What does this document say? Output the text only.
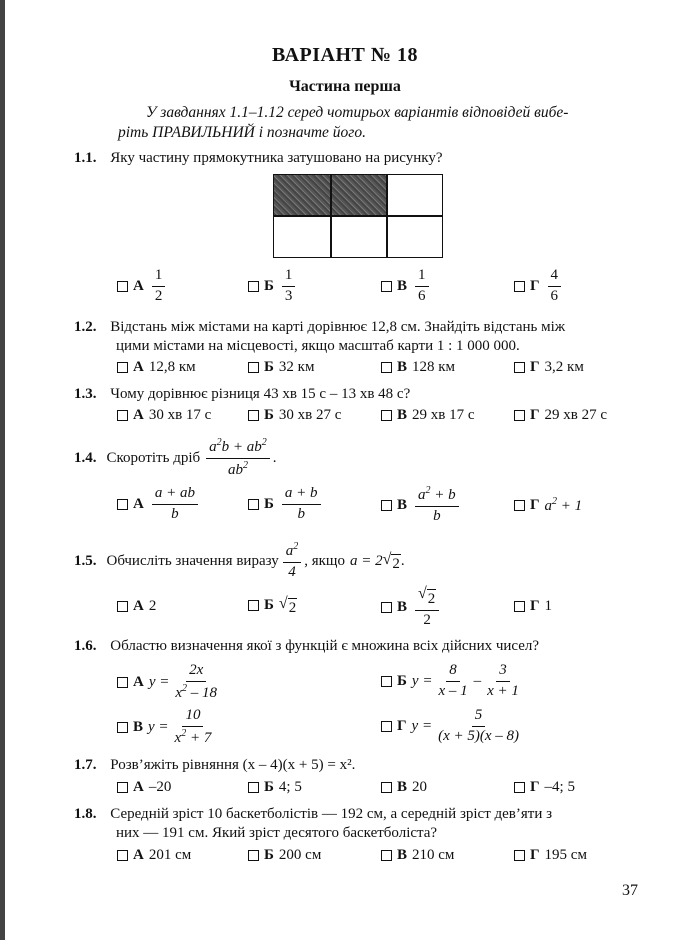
ВАРІАНТ № 18
Частина перша
У завданнях 1.1–1.12 серед чотирьох варіантів відповідей вибе-
ріть ПРАВИЛЬНИЙ і позначте його.
1.1. Яку частину прямокутника затушовано на рисунку?
А $\frac{1}{2}$	Б $\frac{1}{3}$	В $\frac{1}{6}$	Г $\frac{4}{6}$
1.2. Відстань між містами на карті дорівнює 12,8 см. Знайдіть відстань між
цими містами на місцевості, якщо масштаб карти 1 : 1 000 000.
А 12,8 км	Б 32 км	В 128 км	Г 3,2 км
1.3. Чому дорівнює різниця 43 хв 15 с – 13 хв 48 с?
А 30 хв 17 с	Б 30 хв 27 с	В 29 хв 17 с	Г 29 хв 27 с
1.4. Скоротіть дріб $\frac{a^2b + ab^2}{ab^2}$ .
А $\frac{a + ab}{b}$	Б $\frac{a + b}{b}$	В $\frac{a^2 + b}{b}$	Г $a^2 + 1$
1.5. Обчисліть значення виразу $\frac{a^2}{4}$ , якщо a = 2 √ 2 .
А 2	Б √ 2	В $\frac{√ 2}{2}$	Г 1
1.6. Областю визначення якої з функцій є множина всіх дійсних чисел?
А $y = \frac{2x}{x^2 - 18}$	Б $y = \frac{8}{x - 1} - \frac{3}{x + 1}$
В $y = \frac{10}{x^2 + 7}$	Г $y = \frac{5}{(x + 5)(x - 8)}$
1.7. Розв’яжіть рівняння (x – 4)(x + 5) = x².
А –20	Б 4; 5	В 20	Г –4; 5
1.8. Середній зріст 10 баскетболістів — 192 см, а середній зріст дев’яти з
них — 191 см. Який зріст десятого баскетболіста?
А 201 см	Б 200 см	В 210 см	Г 195 см
37
